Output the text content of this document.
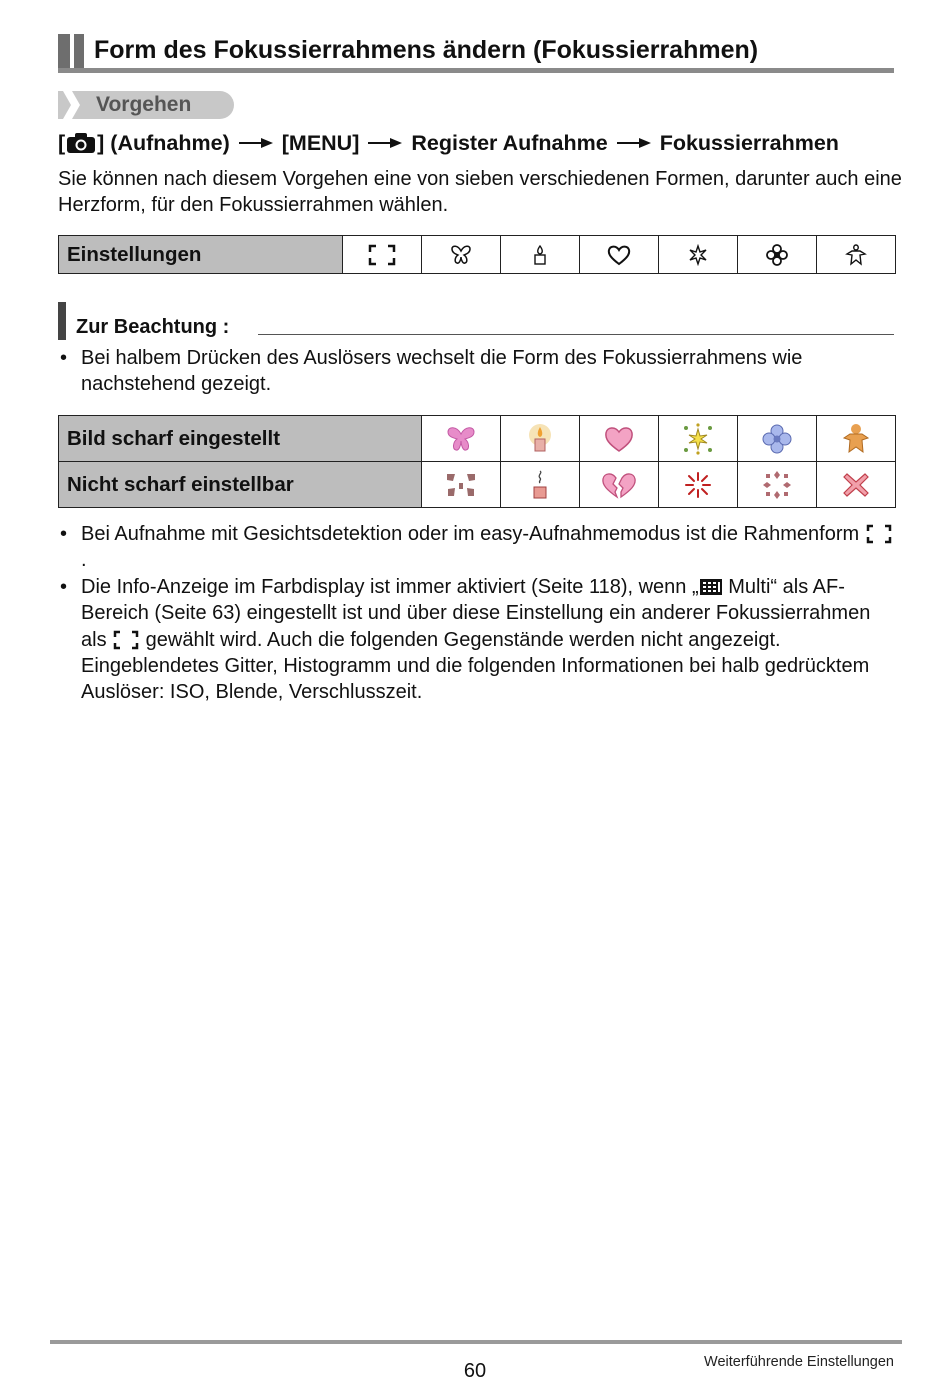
Form des Fokussierrahmens ändern (Fokussierrahmen)
Vorgehen
[	] (Aufnahme) [MENU] Register Aufnahme Fokussierrahmen
Sie können nach diesem Vorgehen eine von sieben verschiedenen Formen, darunter auch eine Herzform, für den Fokussierrahmen wählen.
Einstellungen	

Zur Beachtung :
• Bei halbem Drücken des Auslösers wechselt die Form des Fokussierrahmens wie nachstehend gezeigt.
Bild scharf eingestellt	

Nicht scharf einstellbar	

• Bei Aufnahme mit Gesichtsdetektion oder im easy-Aufnahmemodus ist die Rahmenform .
• Die Info-Anzeige im Farbdisplay ist immer aktiviert (Seite 118), wenn „ Multi“ als AF-Bereich (Seite 63) eingestellt ist und über diese Einstellung ein anderer Fokussierrahmen als  gewählt wird. Auch die folgenden Gegenstände werden nicht angezeigt.
Eingeblendetes Gitter, Histogramm und die folgenden Informationen bei halb gedrücktem Auslöser: ISO, Blende, Verschlusszeit.
60	Weiterführende Einstellungen
